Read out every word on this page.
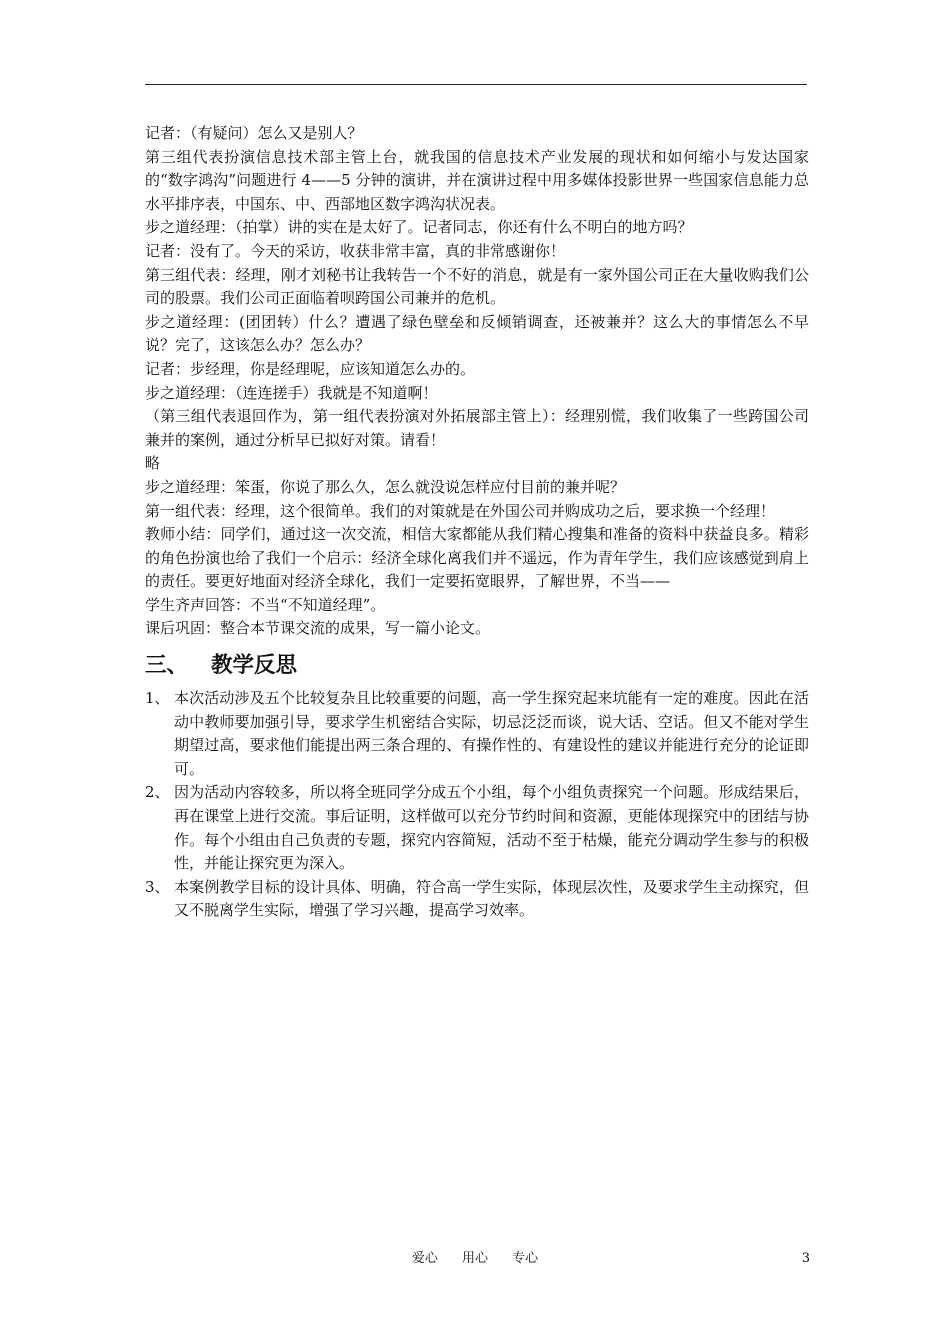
记者：（有疑问）怎么又是别人？

第三组代表扮演信息技术部主管上台，就我国的信息技术产业发展的现状和如何缩小与发达国家的“数字鸿沟”问题进行 4——5 分钟的演讲，并在演讲过程中用多媒体投影世界一些国家信息能力总水平排序表，中国东、中、西部地区数字鸿沟状况表。

步之道经理：（拍掌）讲的实在是太好了。记者同志，你还有什么不明白的地方吗？

记者：没有了。今天的采访，收获非常丰富，真的非常感谢你！

第三组代表：经理，刚才刘秘书让我转告一个不好的消息，就是有一家外国公司正在大量收购我们公司的股票。我们公司正面临着呗跨国公司兼并的危机。

步之道经理：(团团转）什么？遭遇了绿色壁垒和反倾销调查，还被兼并？这么大的事情怎么不早说？完了，这该怎么办？怎么办？

记者：步经理，你是经理呢，应该知道怎么办的。

步之道经理：（连连搓手）我就是不知道啊！

（第三组代表退回作为，第一组代表扮演对外拓展部主管上）：经理别慌，我们收集了一些跨国公司兼并的案例，通过分析早已拟好对策。请看！

略

步之道经理：笨蛋，你说了那么久，怎么就没说怎样应付目前的兼并呢？

第一组代表：经理，这个很简单。我们的对策就是在外国公司并购成功之后，要求换一个经理！

教师小结：同学们，通过这一次交流，相信大家都能从我们精心搜集和准备的资料中获益良多。精彩的角色扮演也给了我们一个启示：经济全球化离我们并不遥远，作为青年学生，我们应该感觉到肩上的责任。要更好地面对经济全球化，我们一定要拓宽眼界，了解世界，不当——

学生齐声回答：不当“不知道经理”。

课后巩固：整合本节课交流的成果，写一篇小论文。

三、	教学反思
1、 本次活动涉及五个比较复杂且比较重要的问题，高一学生探究起来坑能有一定的难度。因此在活动中教师要加强引导，要求学生机密结合实际，切忌泛泛而谈，说大话、空话。但又不能对学生期望过高，要求他们能提出两三条合理的、有操作性的、有建设性的建议并能进行充分的论证即可。
2、 因为活动内容较多，所以将全班同学分成五个小组，每个小组负责探究一个问题。形成结果后，再在课堂上进行交流。事后证明，这样做可以充分节约时间和资源，更能体现探究中的团结与协作。每个小组由自己负责的专题，探究内容简短，活动不至于枯燥，能充分调动学生参与的积极性，并能让探究更为深入。
3、 本案例教学目标的设计具体、明确，符合高一学生实际，体现层次性，及要求学生主动探究，但又不脱离学生实际，增强了学习兴趣，提高学习效率。
爱心 用心 专心	3
